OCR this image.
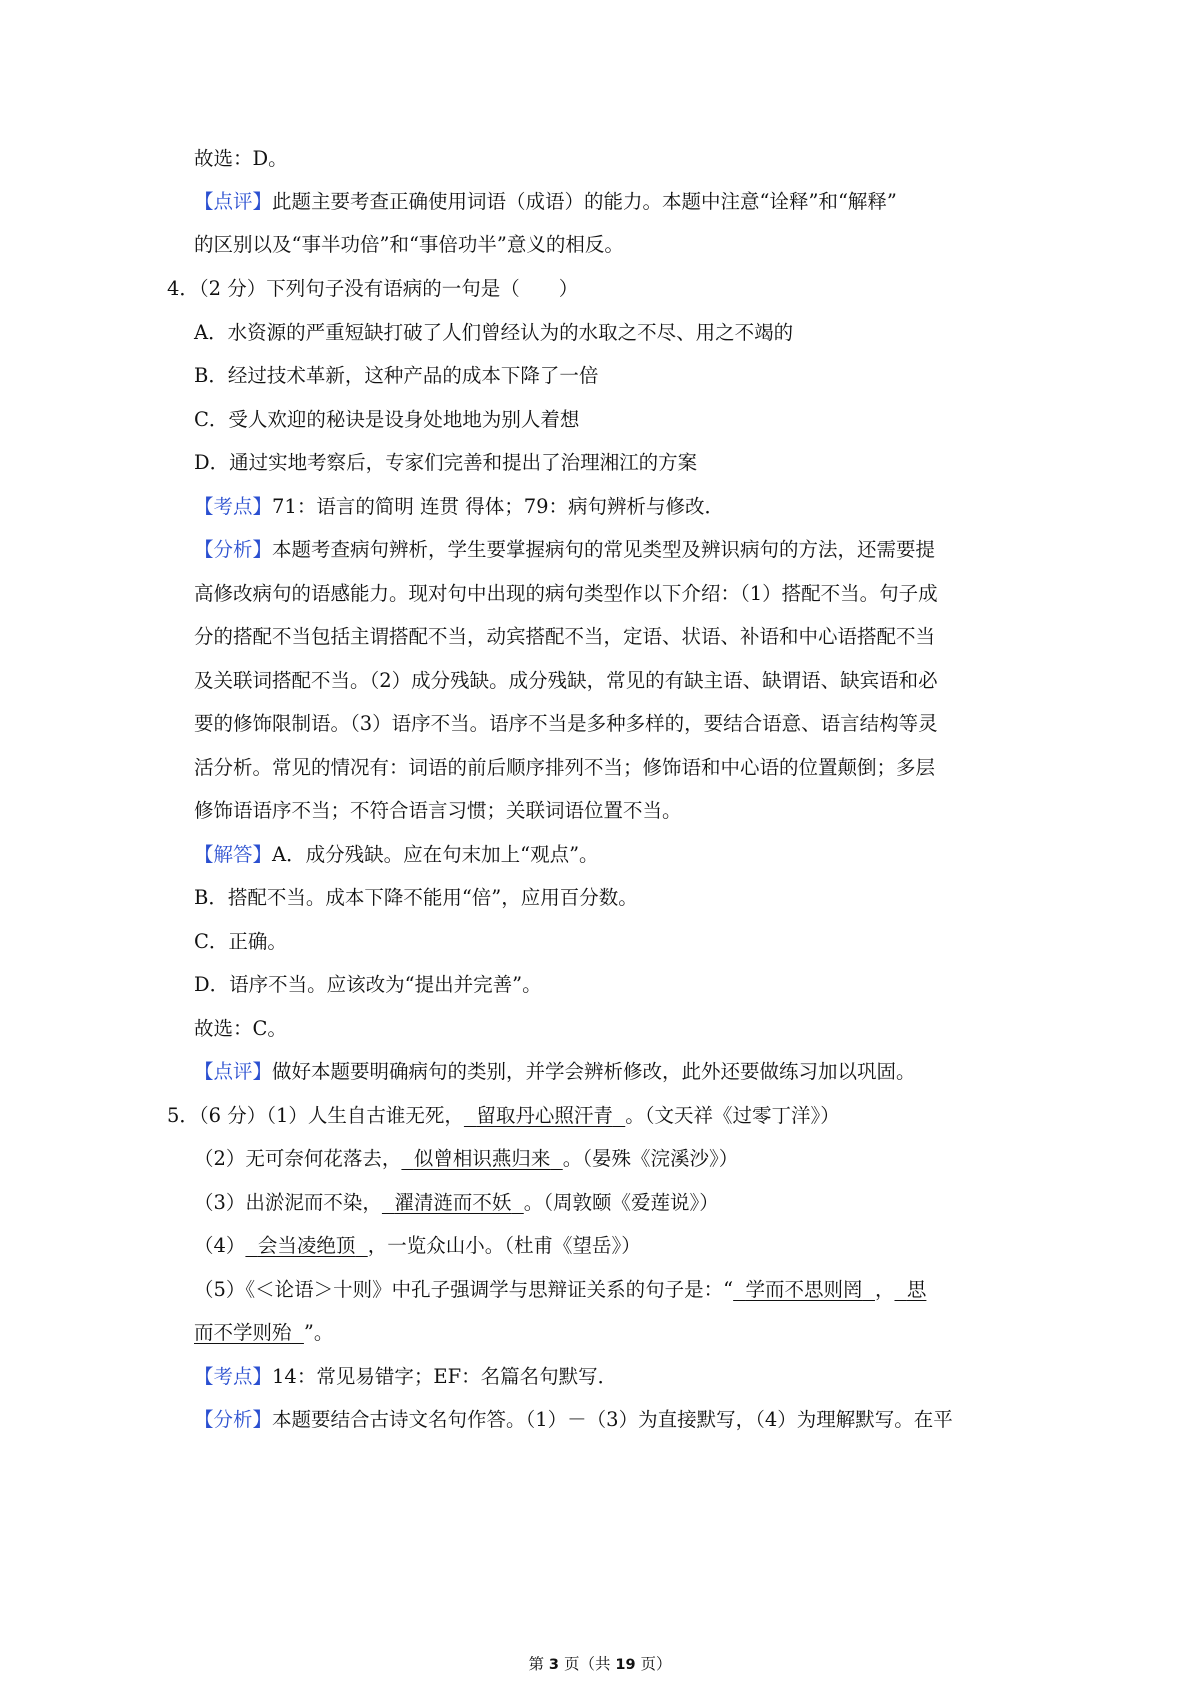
故选：D。
【点评】此题主要考查正确使用词语（成语）的能力。本题中注意“诠释”和“解释”
的区别以及“事半功倍”和“事倍功半”意义的相反。
4．（2 分）下列句子没有语病的一句是（　　）
A．水资源的严重短缺打破了人们曾经认为的水取之不尽、用之不竭的
B．经过技术革新，这种产品的成本下降了一倍
C．受人欢迎的秘诀是设身处地地为别人着想
D．通过实地考察后，专家们完善和提出了治理湘江的方案
【考点】71：语言的简明 连贯 得体；79：病句辨析与修改．
【分析】本题考查病句辨析，学生要掌握病句的常见类型及辨识病句的方法，还需要提
高修改病句的语感能力。现对句中出现的病句类型作以下介绍：（1）搭配不当。句子成
分的搭配不当包括主谓搭配不当，动宾搭配不当，定语、状语、补语和中心语搭配不当
及关联词搭配不当。（2）成分残缺。成分残缺，常见的有缺主语、缺谓语、缺宾语和必
要的修饰限制语。（3）语序不当。语序不当是多种多样的，要结合语意、语言结构等灵
活分析。常见的情况有：词语的前后顺序排列不当；修饰语和中心语的位置颠倒；多层
修饰语语序不当；不符合语言习惯；关联词语位置不当。
【解答】A．成分残缺。应在句末加上“观点”。
B．搭配不当。成本下降不能用“倍”，应用百分数。
C．正确。
D．语序不当。应该改为“提出并完善”。
故选：C。
【点评】做好本题要明确病句的类别，并学会辨析修改，此外还要做练习加以巩固。
5．（6 分）（1）人生自古谁无死， 留取丹心照汗青 。（文天祥《过零丁洋》）
（2）无可奈何花落去， 似曾相识燕归来 。（晏殊《浣溪沙》）
（3）出淤泥而不染， 濯清涟而不妖 。（周敦颐《爱莲说》）
（4） 会当凌绝顶 ，一览众山小。（杜甫《望岳》）
（5）《＜论语＞十则》中孔子强调学与思辩证关系的句子是：“ 学而不思则罔 ， 思
而不学则殆 ”。
【考点】14：常见易错字；EF：名篇名句默写．
【分析】本题要结合古诗文名句作答。（1）－（3）为直接默写，（4）为理解默写。在平
第 3 页（共 19 页）
